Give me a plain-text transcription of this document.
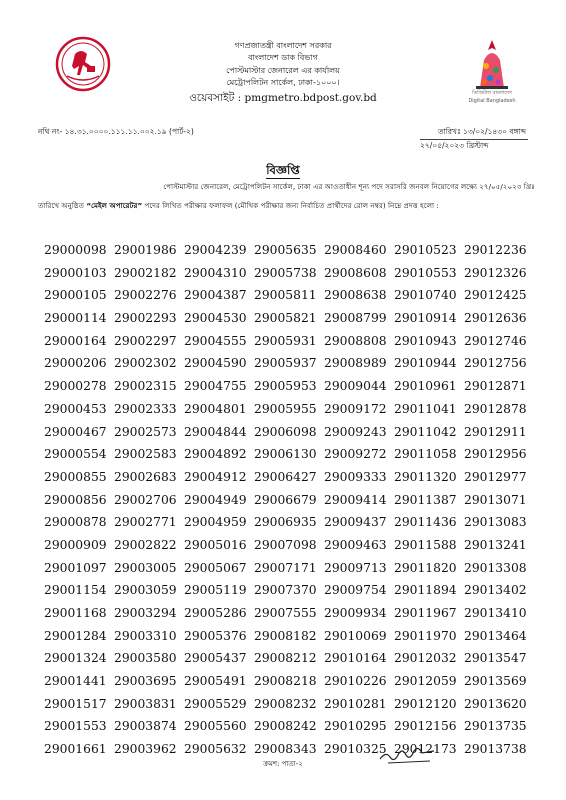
ডিজিটাল বাংলাদেশ
Digital Bangladesh
গণপ্রজাতন্ত্রী বাংলাদেশ সরকার
বাংলাদেশ ডাক বিভাগ
পোস্টমাস্টার জেনারেল এর কার্যালয়
মেট্রোপলিটন সার্কেল, ঢাকা-১০০০।
ওয়েবসাইট : pmgmetro.bdpost.gov.bd
নথি নং- ১৪.৩১.০০০০.১১১.১১.০০২.১৯ (পার্ট-২)	তারিখঃ ১৩/০২/১৪৩০ বঙ্গাব্দ
২৭/০৫/২০২৩ খ্রিস্টাব্দ
বিজ্ঞপ্তি
পোস্টমাস্টার জেনারেল, মেট্রোপলিটন সার্কেল, ঢাকা এর আওতাধীন শূন্য পদে সরাসরি জনবল নিয়োগের লক্ষ্যে ২৭/০৫/২০২৩ খ্রিঃ
তারিখে অনুষ্ঠিত “মেইল অপারেটর” পদের লিখিত পরীক্ষার ফলাফল (মৌখিক পরীক্ষার জন্য নির্বাচিত প্রার্থীদের রোল নম্বর) নিম্নে প্রদত্ত হলো :
29000098 29001986 29004239 29005635 29008460 29010523 29012236
29000103 29002182 29004310 29005738 29008608 29010553 29012326
29000105 29002276 29004387 29005811 29008638 29010740 29012425
29000114 29002293 29004530 29005821 29008799 29010914 29012636
29000164 29002297 29004555 29005931 29008808 29010943 29012746
29000206 29002302 29004590 29005937 29008989 29010944 29012756
29000278 29002315 29004755 29005953 29009044 29010961 29012871
29000453 29002333 29004801 29005955 29009172 29011041 29012878
29000467 29002573 29004844 29006098 29009243 29011042 29012911
29000554 29002583 29004892 29006130 29009272 29011058 29012956
29000855 29002683 29004912 29006427 29009333 29011320 29012977
29000856 29002706 29004949 29006679 29009414 29011387 29013071
29000878 29002771 29004959 29006935 29009437 29011436 29013083
29000909 29002822 29005016 29007098 29009463 29011588 29013241
29001097 29003005 29005067 29007171 29009713 29011820 29013308
29001154 29003059 29005119 29007370 29009754 29011894 29013402
29001168 29003294 29005286 29007555 29009934 29011967 29013410
29001284 29003310 29005376 29008182 29010069 29011970 29013464
29001324 29003580 29005437 29008212 29010164 29012032 29013547
29001441 29003695 29005491 29008218 29010226 29012059 29013569
29001517 29003831 29005529 29008232 29010281 29012120 29013620
29001553 29003874 29005560 29008242 29010295 29012156 29013735
29001661 29003962 29005632 29008343 29010325 29012173 29013738
ক্রমশ: পাতা-২
